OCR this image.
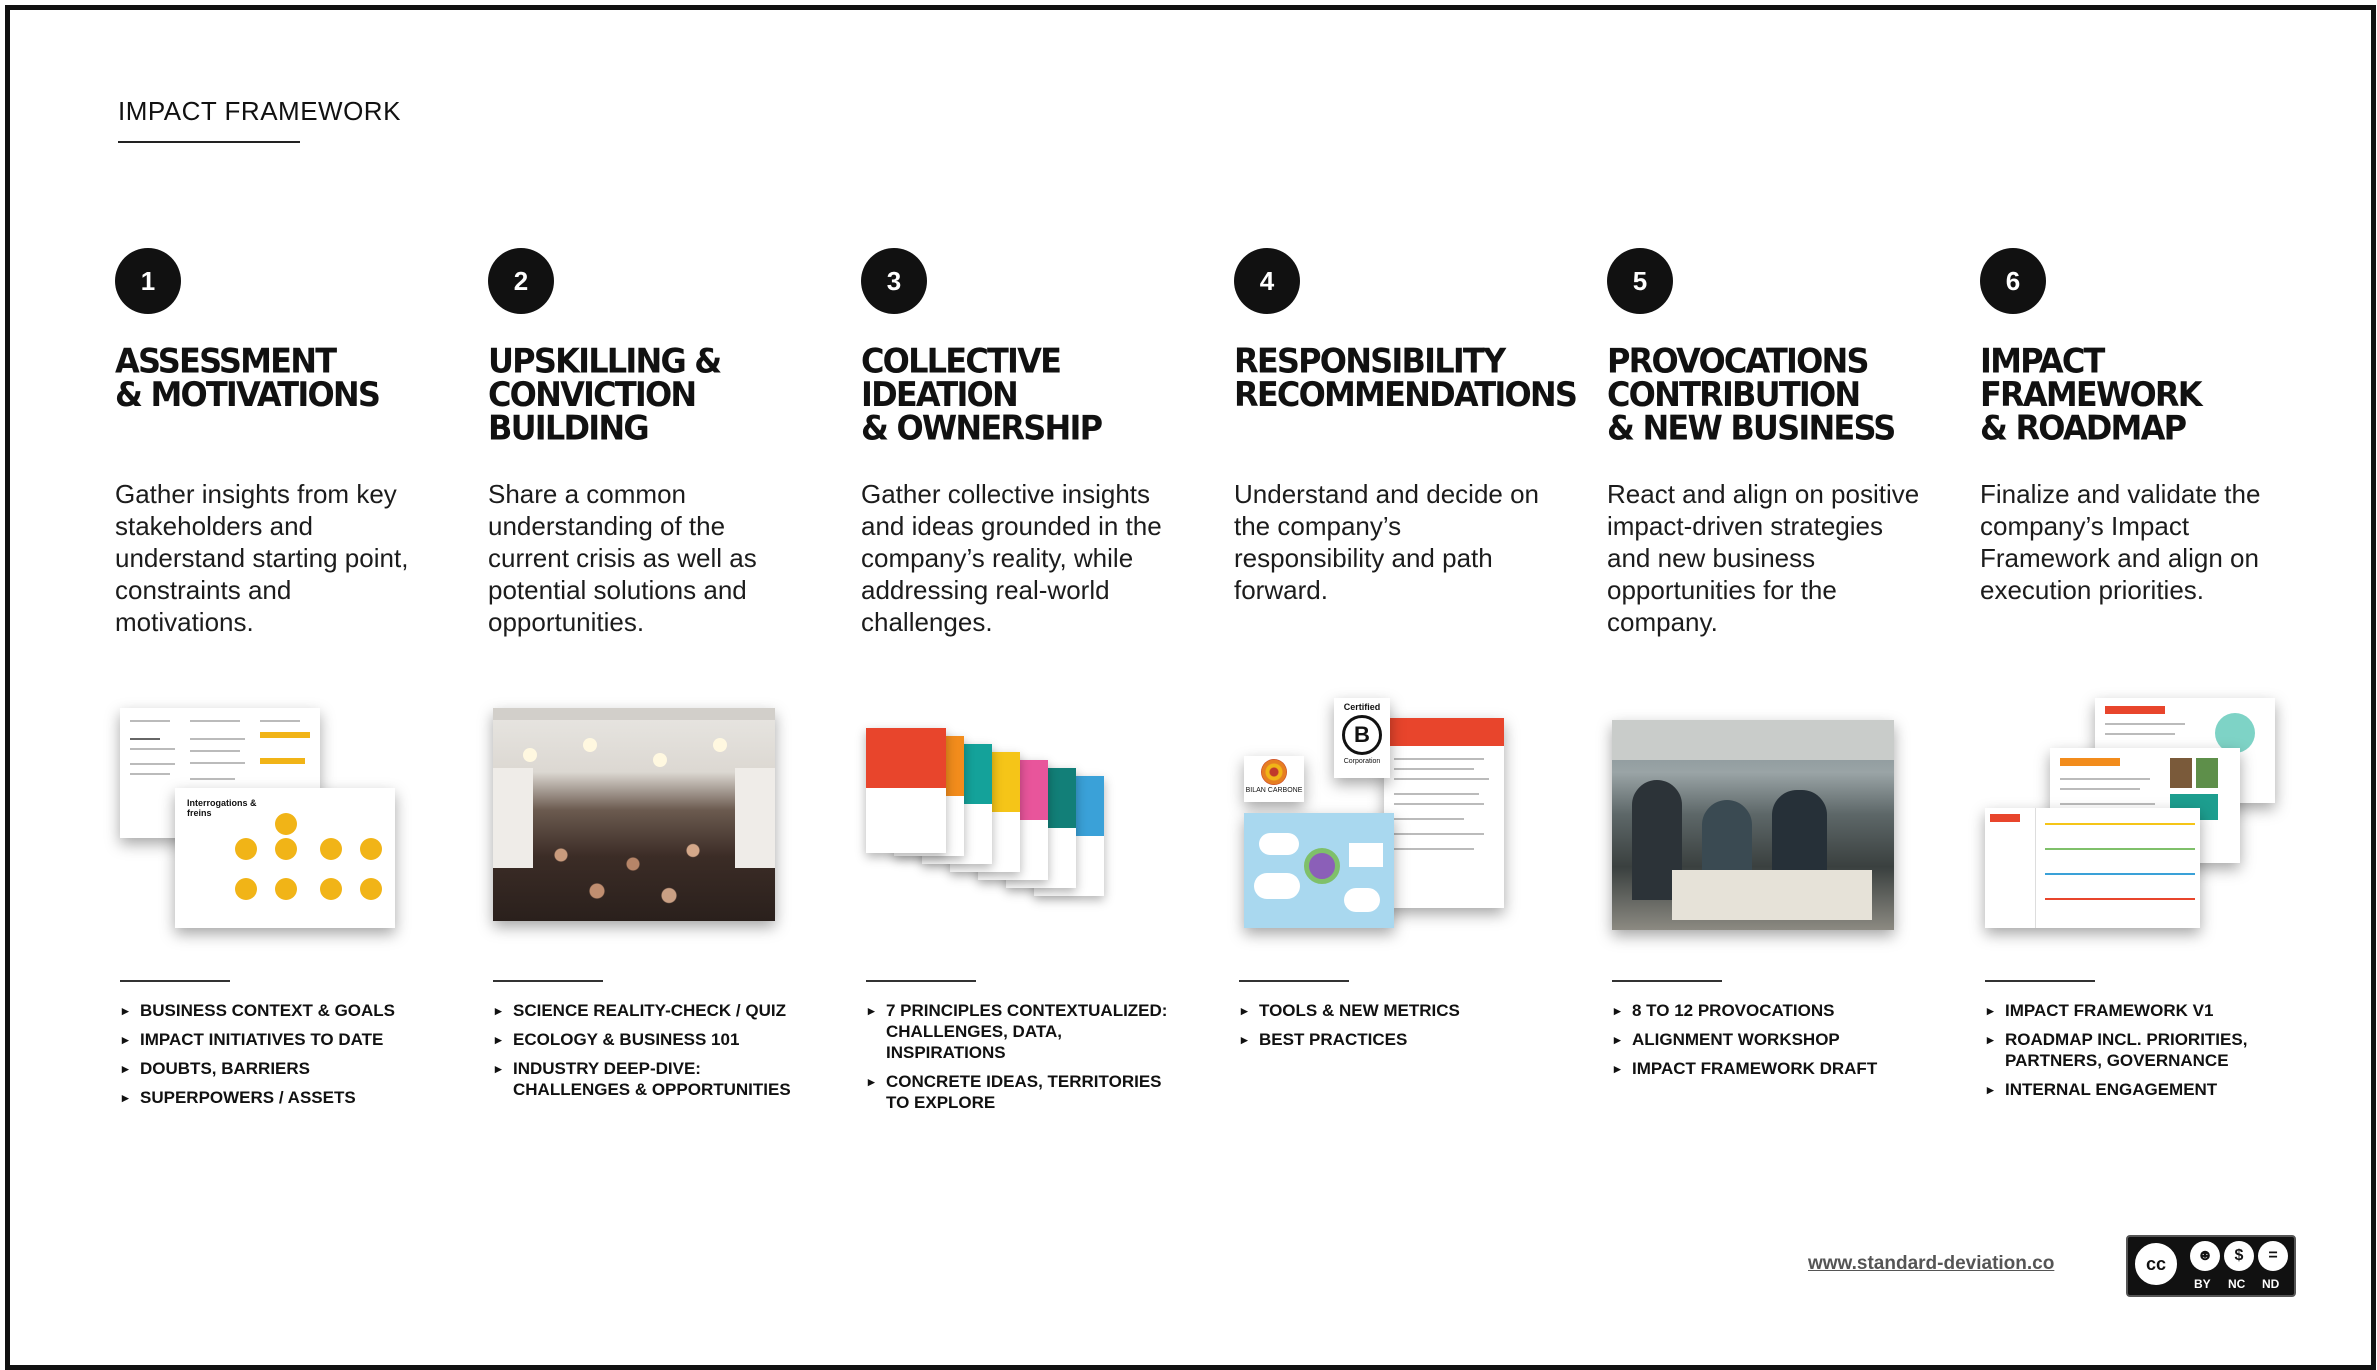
IMPACT FRAMEWORK
1
ASSESSMENT
& MOTIVATIONS
Gather insights from key stakeholders and understand starting point, constraints and motivations.
Interrogations & freins
▸ BUSINESS CONTEXT & GOALS
▸ IMPACT INITIATIVES TO DATE
▸ DOUBTS, BARRIERS
▸ SUPERPOWERS / ASSETS
2
UPSKILLING &
CONVICTION BUILDING
Share a common understanding of the current crisis as well as potential solutions and opportunities.
▸ SCIENCE REALITY-CHECK / QUIZ
▸ ECOLOGY & BUSINESS 101
▸ INDUSTRY DEEP-DIVE: CHALLENGES & OPPORTUNITIES
3
COLLECTIVE IDEATION
& OWNERSHIP
Gather collective insights and ideas grounded in the company’s reality, while addressing real-world challenges.
▸ 7 PRINCIPLES CONTEXTUALIZED: CHALLENGES, DATA, INSPIRATIONS
▸ CONCRETE IDEAS, TERRITORIES TO EXPLORE
4
RESPONSIBILITY
RECOMMENDATIONS
Understand and decide on the company’s responsibility and path forward.
Certified
B
Corporation
BILAN CARBONE
▸ TOOLS & NEW METRICS
▸ BEST PRACTICES
5
PROVOCATIONS
CONTRIBUTION
& NEW BUSINESS
React and align on positive impact-driven strategies and new business opportunities for the company.
▸ 8 TO 12 PROVOCATIONS
▸ ALIGNMENT WORKSHOP
▸ IMPACT FRAMEWORK DRAFT
6
IMPACT FRAMEWORK
& ROADMAP
Finalize and validate the company’s Impact Framework and align on execution priorities.
▸ IMPACT FRAMEWORK V1
▸ ROADMAP INCL. PRIORITIES, PARTNERS, GOVERNANCE
▸ INTERNAL ENGAGEMENT
www.standard-deviation.co	cc	☻	$	=
BY NC ND
